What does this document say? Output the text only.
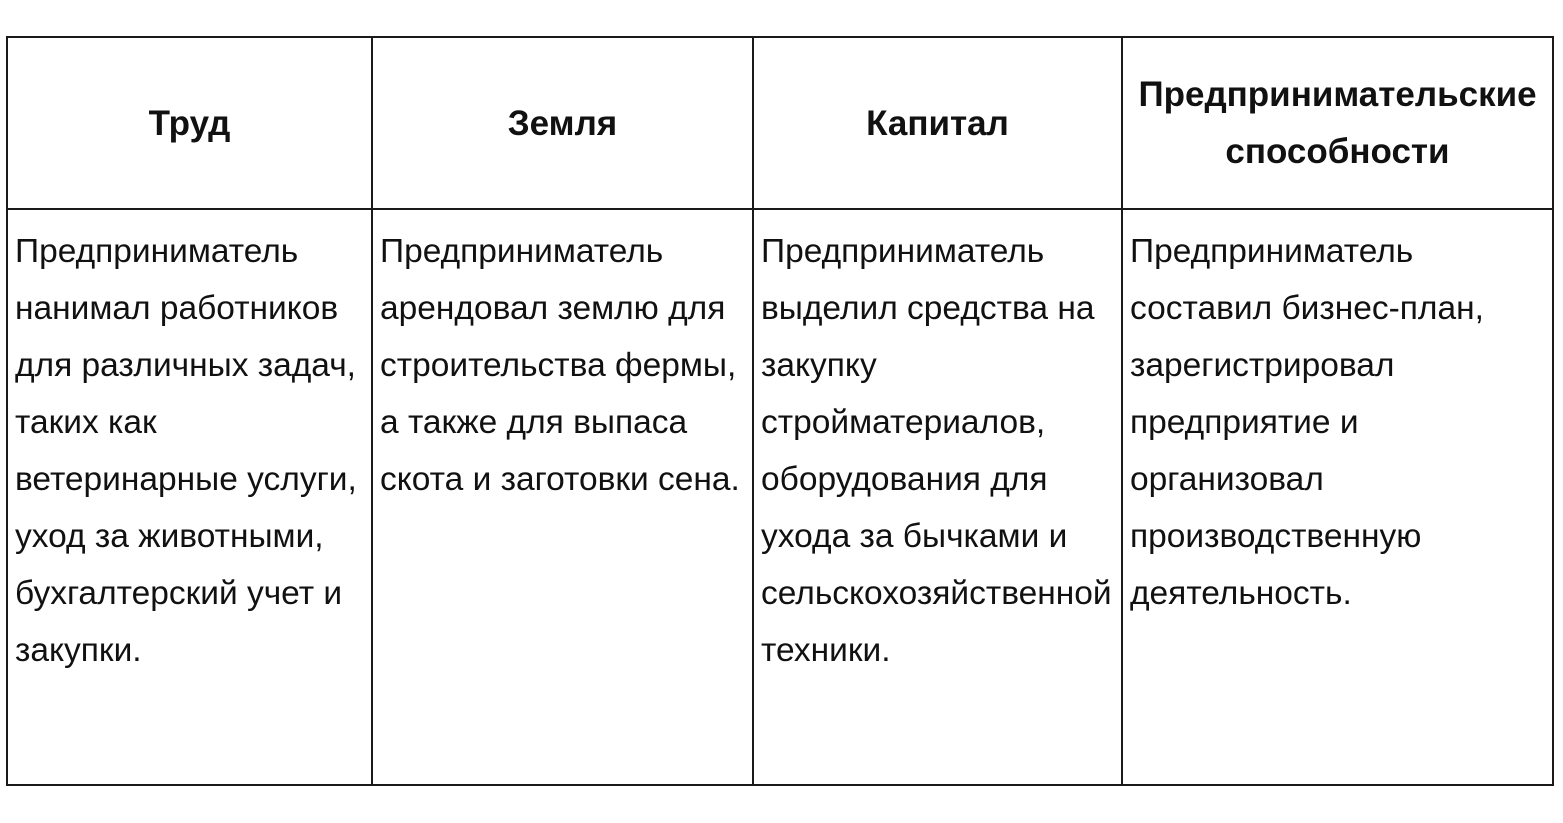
Труд	Земля	Капитал	Предпринимательские способности
Предприниматель нанимал работников для различных задач, таких как ветеринарные услуги, уход за животными, бухгалтерский учет и закупки.	Предприниматель арендовал землю для строительства фермы, а также для выпаса скота и заготовки сена.	Предприниматель выделил средства на закупку стройматериалов, оборудования для ухода за бычками и сельскохозяйственной техники.	Предприниматель составил бизнес-план, зарегистрировал предприятие и организовал производственную деятельность.
